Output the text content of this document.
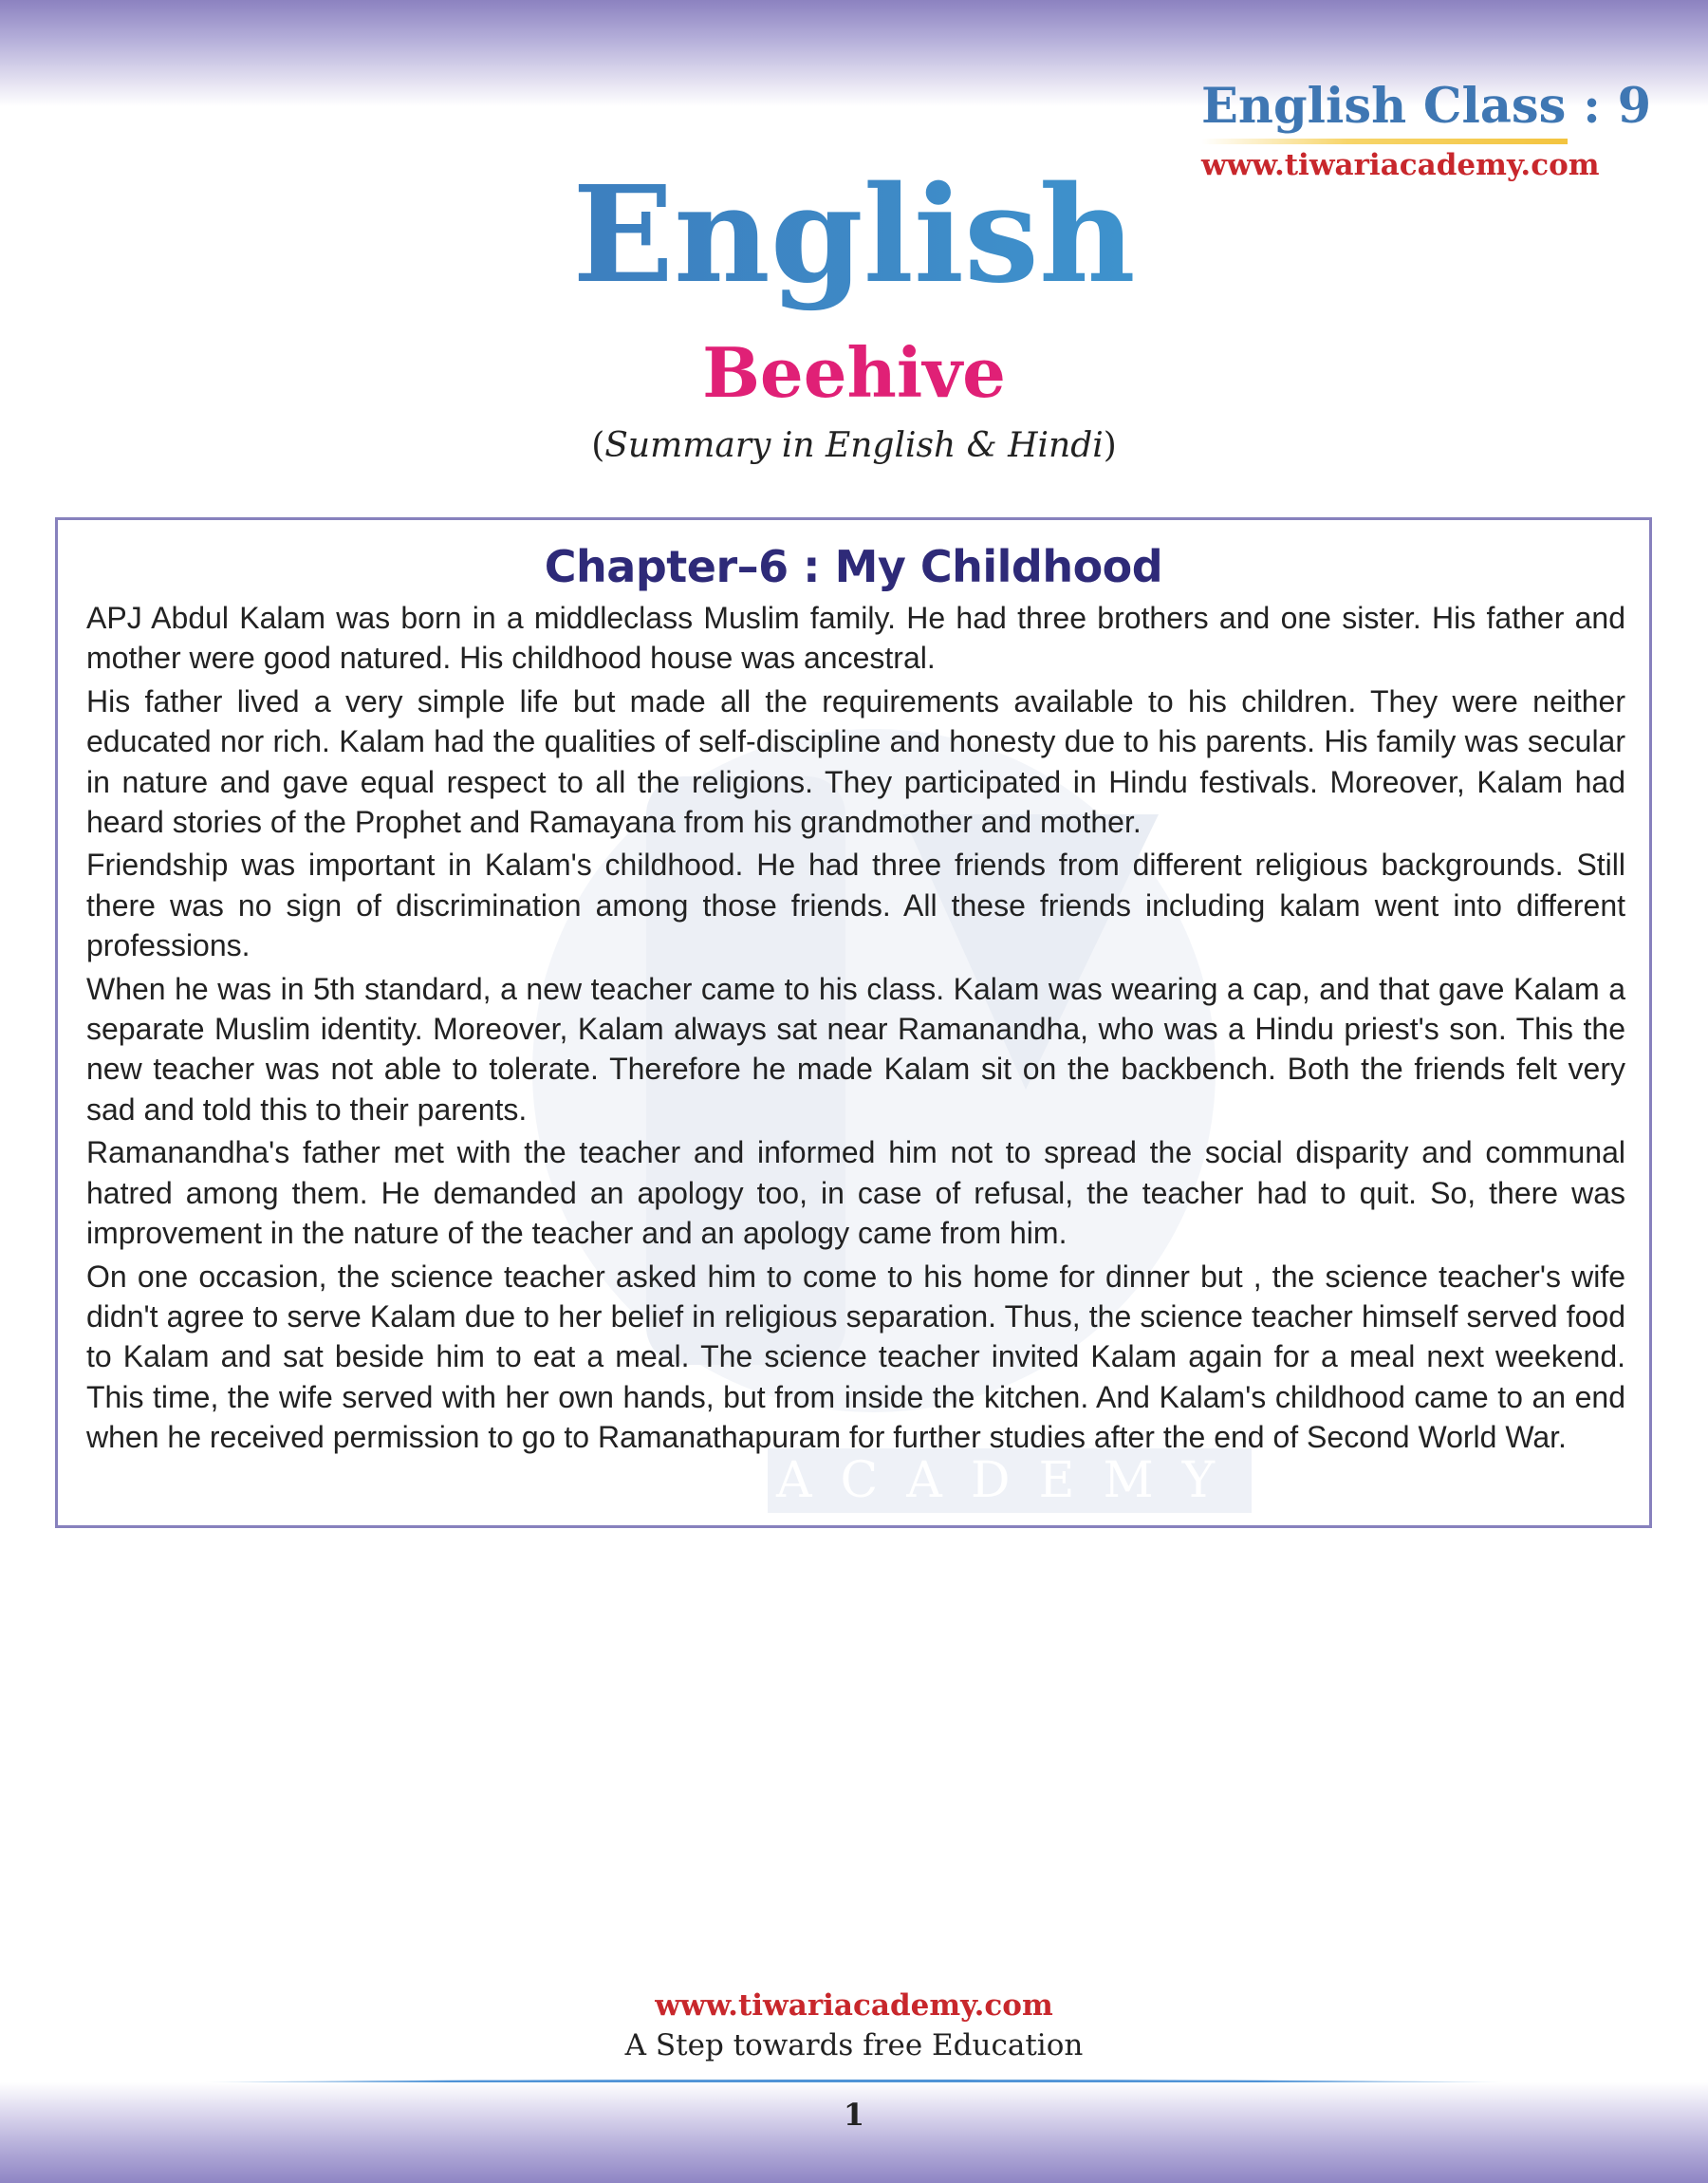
English Class : 9
English
Beehive
(Summary in English & Hindi)
ACADEMY
Chapter–6 : My Childhood

APJ Abdul Kalam was born in a middleclass Muslim family. He had three brothers and one sister. His father and mother were good natured. His childhood house was ancestral.

His father lived a very simple life but made all the requirements available to his children. They were neither educated nor rich. Kalam had the qualities of self-discipline and honesty due to his parents. His family was secular in nature and gave equal respect to all the religions. They participated in Hindu festivals. Moreover, Kalam had heard stories of the Prophet and Ramayana from his grandmother and mother.

Friendship was important in Kalam's childhood. He had three friends from different religious backgrounds. Still there was no sign of discrimination among those friends. All these friends including kalam went into different professions.

When he was in 5th standard, a new teacher came to his class. Kalam was wearing a cap, and that gave Kalam a separate Muslim identity. Moreover, Kalam always sat near Ramanandha, who was a Hindu priest's son. This the new teacher was not able to tolerate. Therefore he made Kalam sit on the backbench. Both the friends felt very sad and told this to their parents.

Ramanandha's father met with the teacher and informed him not to spread the social disparity and communal hatred among them. He demanded an apology too, in case of refusal, the teacher had to quit. So, there was improvement in the nature of the teacher and an apology came from him.

On one occasion, the science teacher asked him to come to his home for dinner but , the science teacher's wife didn't agree to serve Kalam due to her belief in religious separation. Thus, the science teacher himself served food to Kalam and sat beside him to eat a meal. The science teacher invited Kalam again for a meal next weekend. This time, the wife served with her own hands, but from inside the kitchen. And Kalam's childhood came to an end when he received permission to go to Ramanathapuram for further studies after the end of Second World War.

www.tiwariacademy.com
A Step towards free Education
1
